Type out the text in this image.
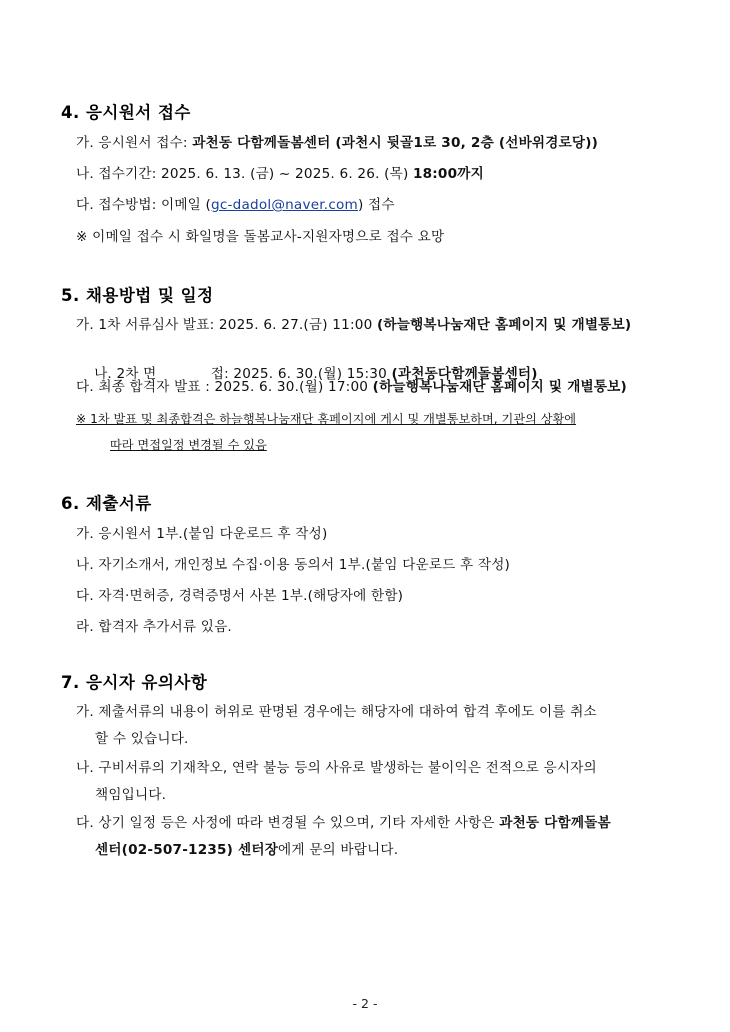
4. 응시원서 접수
가. 응시원서 접수: 과천동 다함께돌봄센터 (과천시 뒷골1로 30, 2층 (선바위경로당))
나. 접수기간: 2025. 6. 13. (금) ~ 2025. 6. 26. (목) 18:00까지
다. 접수방법: 이메일 (gc-dadol@naver.com) 접수
※ 이메일 접수 시 화일명을 돌봄교사-지원자명으로 접수 요망
5. 채용방법 및 일정
가. 1차 서류심사 발표: 2025. 6. 27.(금) 11:00 (하늘행복나눔재단 홈페이지 및 개별통보)

나. 2차 면            접: 2025. 6. 30.(월) 15:30 (과천동다함께돌봄센터)

다. 최종 합격자 발표 : 2025. 6. 30.(월) 17:00 (하늘행복나눔재단 홈페이지 및 개별통보)
※ 1차 발표 및 최종합격은 하늘행복나눔재단 홈페이지에 게시 및 개별통보하며, 기관의 상황에
따라 면접일정 변경될 수 있음
6. 제출서류
가. 응시원서 1부.(붙임 다운로드 후 작성)
나. 자기소개서, 개인정보 수집·이용 동의서 1부.(붙임 다운로드 후 작성)
다. 자격·면허증, 경력증명서 사본 1부.(해당자에 한함)
라. 합격자 추가서류 있음.
7. 응시자 유의사항
가. 제출서류의 내용이 허위로 판명된 경우에는 해당자에 대하여 합격 후에도 이를 취소
할 수 있습니다.
나. 구비서류의 기재착오, 연락 불능 등의 사유로 발생하는 불이익은 전적으로 응시자의
책임입니다.
다. 상기 일정 등은 사정에 따라 변경될 수 있으며, 기타 자세한 사항은 과천동 다함께돌봄
센터(02-507-1235) 센터장에게 문의 바랍니다.
- 2 -
